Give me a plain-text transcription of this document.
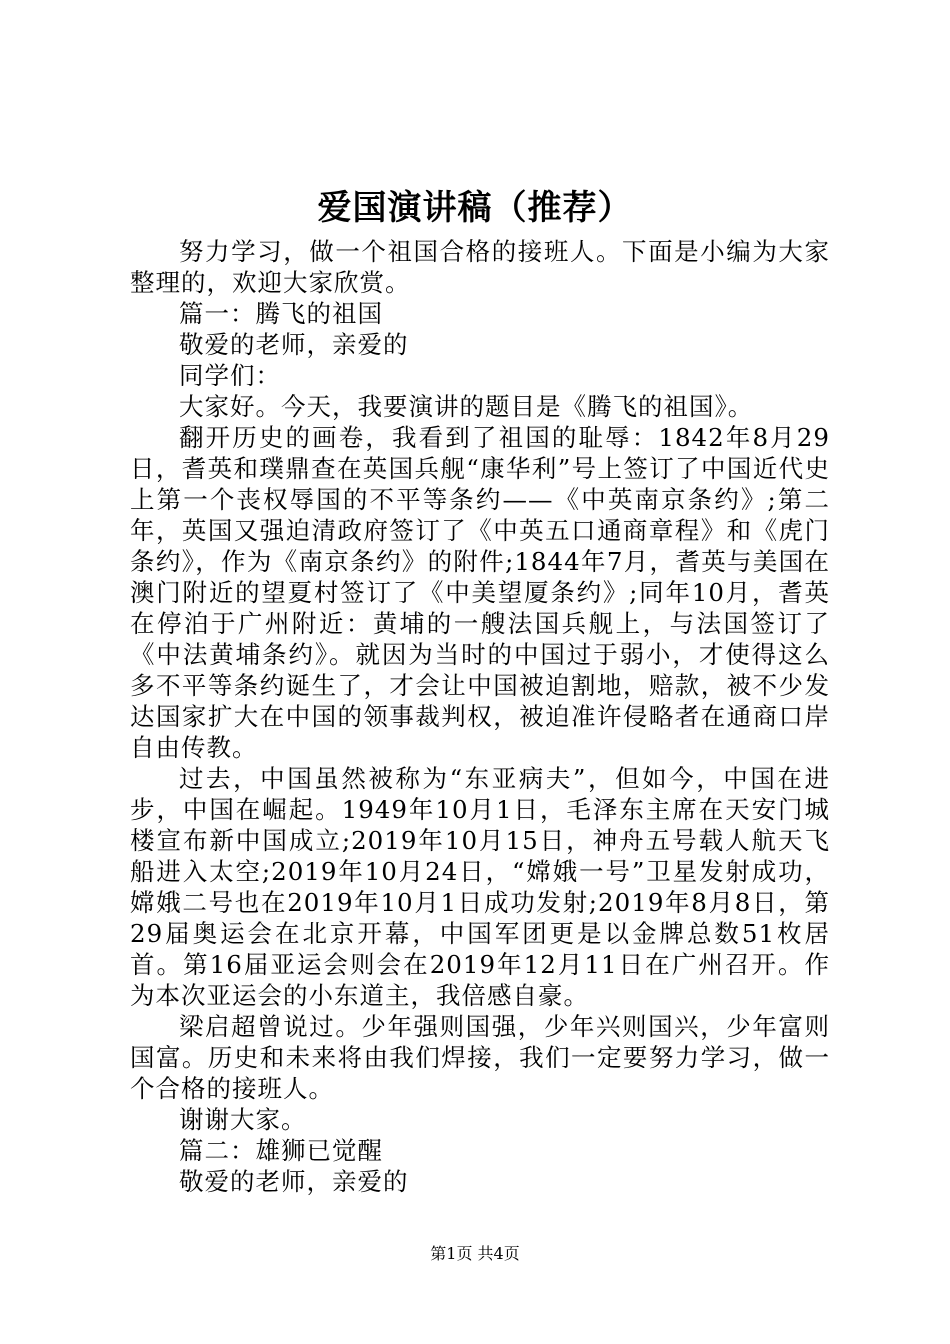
爱国演讲稿（推荐）

努力学习，做一个祖国合格的接班人。下面是小编为大家整理的，欢迎大家欣赏。

篇一：腾飞的祖国

敬爱的老师，亲爱的

同学们：

大家好。今天，我要演讲的题目是《腾飞的祖国》。

翻开历史的画卷，我看到了祖国的耻辱：1842年8月29日，耆英和璞鼎查在英国兵舰“康华利”号上签订了中国近代史上第一个丧权辱国的不平等条约——《中英南京条约》;第二年，英国又强迫清政府签订了《中英五口通商章程》和《虎门条约》，作为《南京条约》的附件;1844年7月，耆英与美国在澳门附近的望夏村签订了《中美望厦条约》;同年10月，耆英在停泊于广州附近：黄埔的一艘法国兵舰上，与法国签订了《中法黄埔条约》。就因为当时的中国过于弱小，才使得这么多不平等条约诞生了，才会让中国被迫割地，赔款，被不少发达国家扩大在中国的领事裁判权，被迫准许侵略者在通商口岸自由传教。

过去，中国虽然被称为“东亚病夫”，但如今，中国在进步，中国在崛起。1949年10月1日，毛泽东主席在天安门城楼宣布新中国成立;2019年10月15日，神舟五号载人航天飞船进入太空;2019年10月24日，“嫦娥一号”卫星发射成功，嫦娥二号也在2019年10月1日成功发射;2019年8月8日，第29届奥运会在北京开幕，中国军团更是以金牌总数51枚居首。第16届亚运会则会在2019年12月11日在广州召开。作为本次亚运会的小东道主，我倍感自豪。

梁启超曾说过。少年强则国强，少年兴则国兴，少年富则国富。历史和未来将由我们焊接，我们一定要努力学习，做一个合格的接班人。

谢谢大家。

篇二：雄狮已觉醒

敬爱的老师，亲爱的

第1页 共4页
